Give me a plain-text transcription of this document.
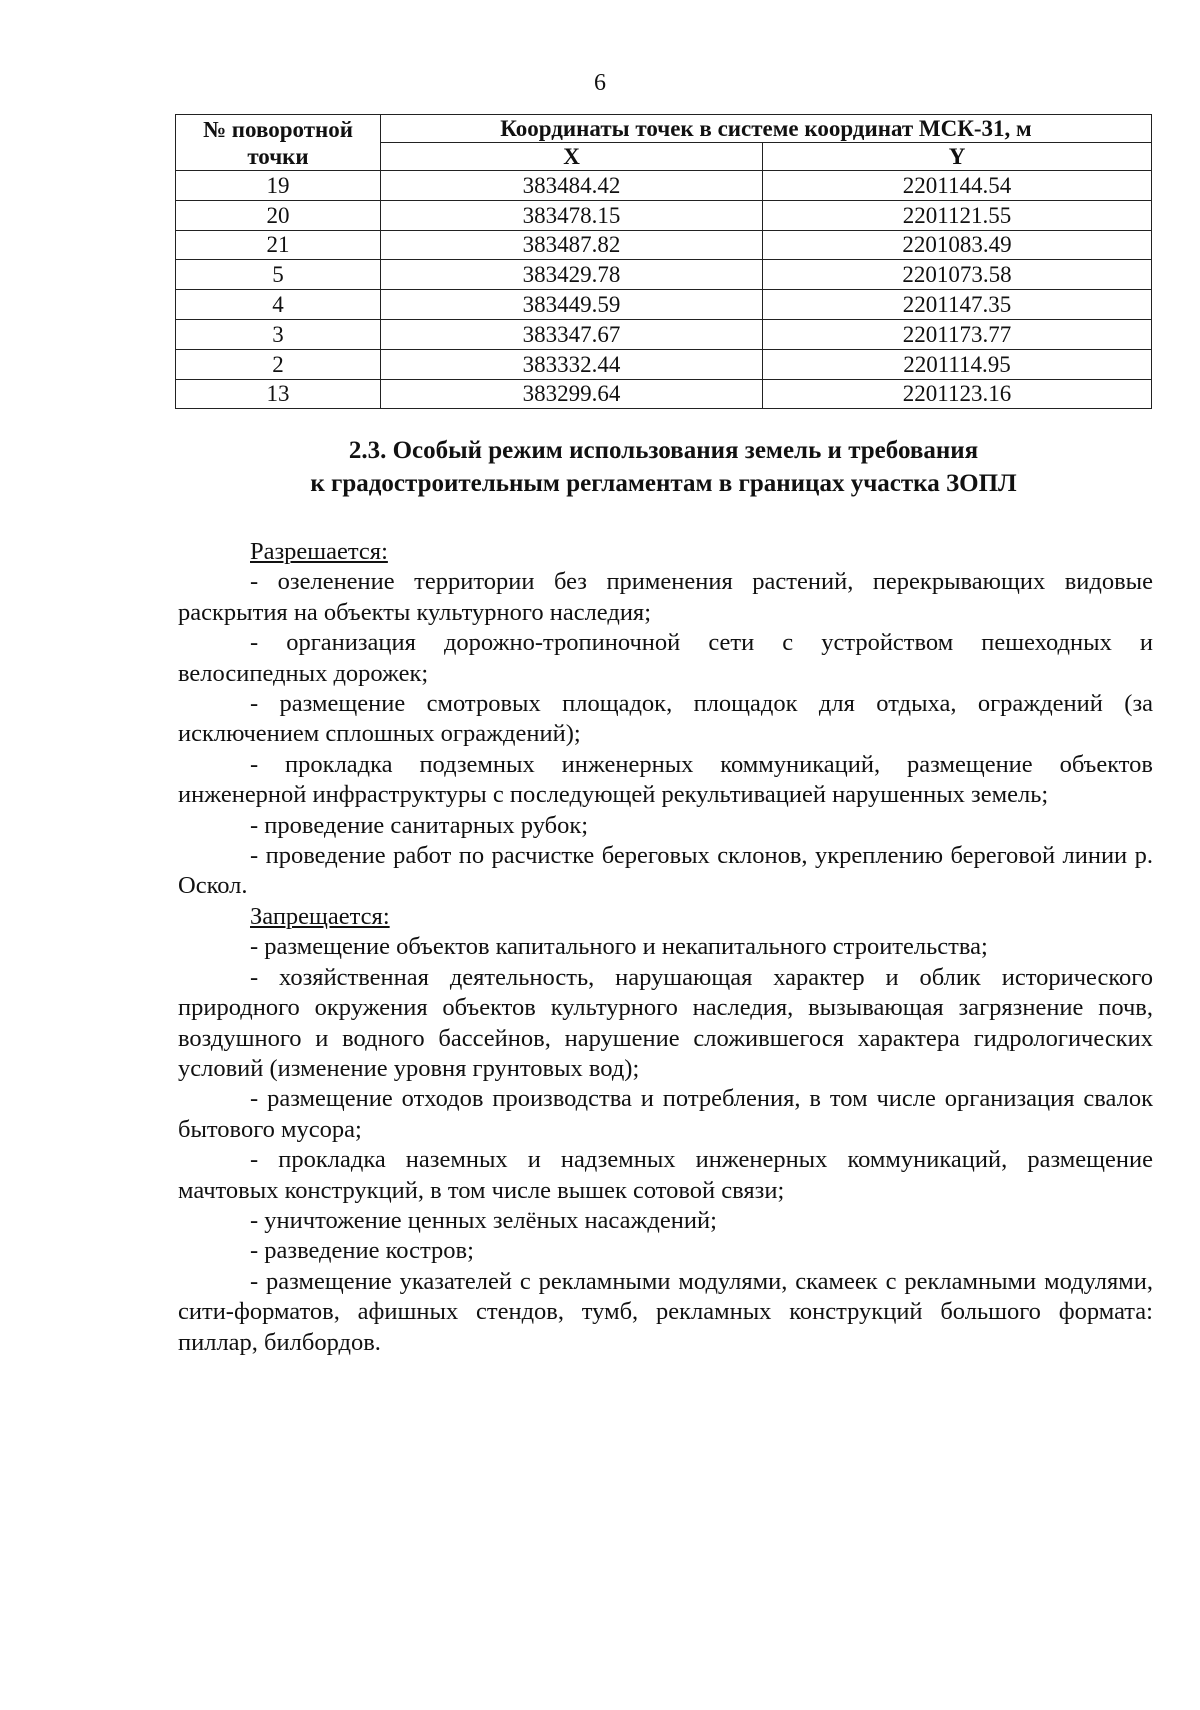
6
№ поворотной точки	Координаты точек в системе координат МСК-31, м	
	X	Y
19	383484.42	2201144.54
20	383478.15	2201121.55
21	383487.82	2201083.49
5	383429.78	2201073.58
4	383449.59	2201147.35
3	383347.67	2201173.77
2	383332.44	2201114.95
13	383299.64	2201123.16
2.3. Особый режим использования земель и требования
к градостроительным регламентам в границах участка ЗОПЛ

Разрешается:

- озеленение территории без применения растений, перекрывающих видовые раскрытия на объекты культурного наследия;

- организация дорожно-тропиночной сети с устройством пешеходных и велосипедных дорожек;

- размещение смотровых площадок, площадок для отдыха, ограждений (за исключением сплошных ограждений);

- прокладка подземных инженерных коммуникаций, размещение объектов инженерной инфраструктуры с последующей рекультивацией нарушенных земель;

- проведение санитарных рубок;

- проведение работ по расчистке береговых склонов, укреплению береговой линии р. Оскол.

Запрещается:

- размещение объектов капитального и некапитального строительства;

- хозяйственная деятельность, нарушающая характер и облик исторического природного окружения объектов культурного наследия, вызывающая загрязнение почв, воздушного и водного бассейнов, нарушение сложившегося характера гидрологических условий (изменение уровня грунтовых вод);

- размещение отходов производства и потребления, в том числе организация свалок бытового мусора;

- прокладка наземных и надземных инженерных коммуникаций, размещение мачтовых конструкций, в том числе вышек сотовой связи;

- уничтожение ценных зелёных насаждений;

- разведение костров;

- размещение указателей с рекламными модулями, скамеек с рекламными модулями, сити-форматов, афишных стендов, тумб, рекламных конструкций большого формата: пиллар, билбордов.
